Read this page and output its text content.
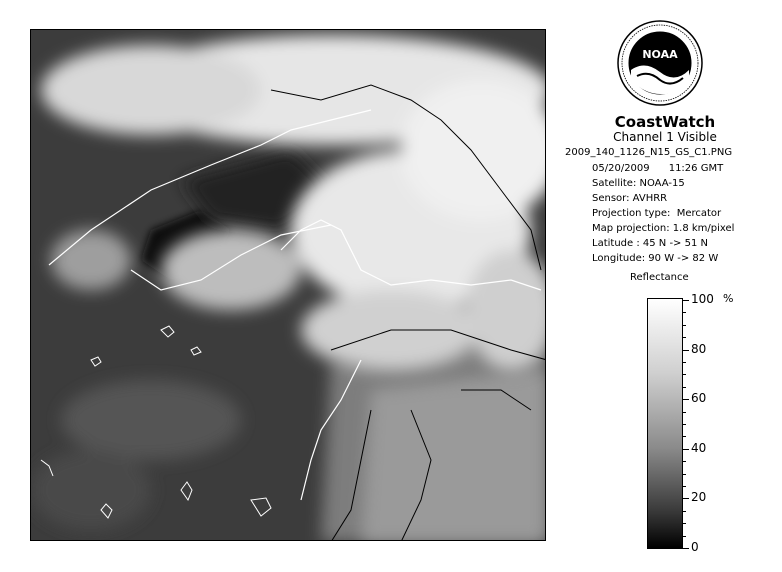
NOAA
CoastWatch
Channel 1 Visible
2009_140_1126_N15_GS_C1.PNG
05/20/2009      11:26 GMT
Satellite: NOAA-15
Sensor: AVHRR
Projection type:  Mercator
Map projection: 1.8 km/pixel
Latitude : 45 N -> 51 N
Longitude: 90 W -> 82 W
Reflectance
%
100
80
60
40
20
0
